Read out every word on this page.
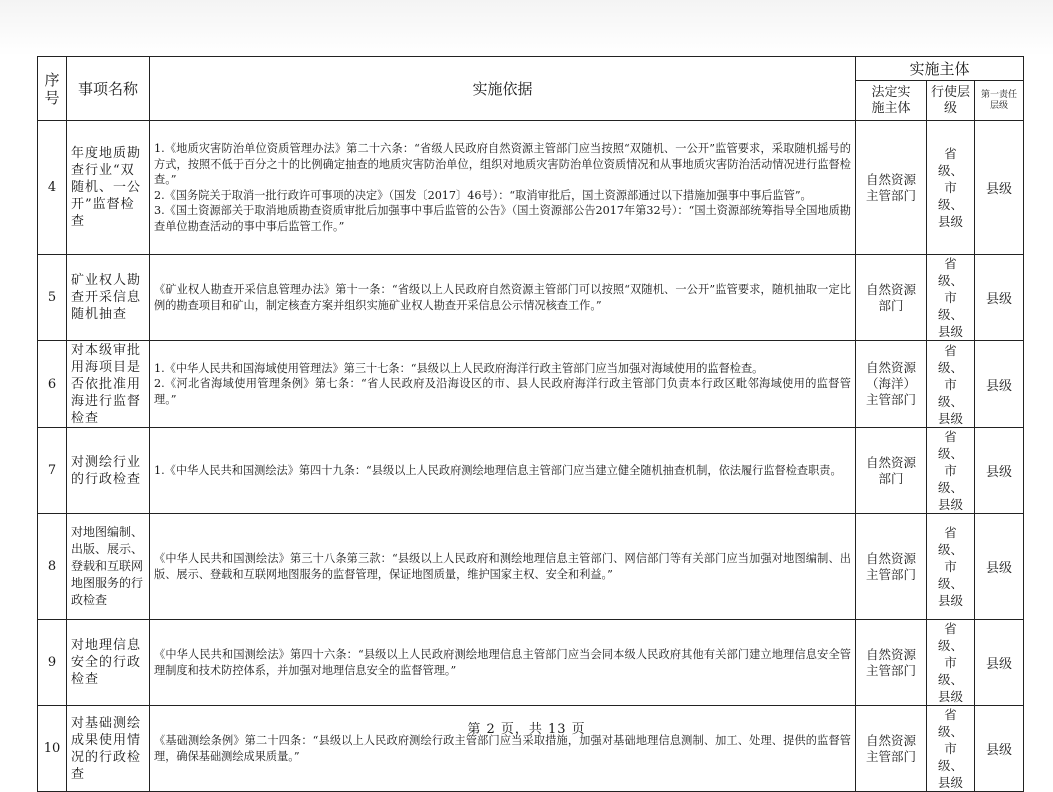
序号	事项名称	实施依据	实施主体		
			法定实施主体	行使层级	第一责任层级
4	年度地质勘查行业“双随机、一公开”监督检查	1.《地质灾害防治单位资质管理办法》第二十六条：“省级人民政府自然资源主管部门应当按照“双随机、一公开”监管要求，采取随机摇号的方式，按照不低于百分之十的比例确定抽查的地质灾害防治单位，组织对地质灾害防治单位资质情况和从事地质灾害防治活动情况进行监督检查。”
2.《国务院关于取消一批行政许可事项的决定》（国发〔2017〕46号）：“取消审批后，国土资源部通过以下措施加强事中事后监管”。
3.《国土资源部关于取消地质勘查资质审批后加强事中事后监管的公告》（国土资源部公告2017年第32号）：“国土资源部统筹指导全国地质勘查单位勘查活动的事中事后监管工作。”	自然资源主管部门	省级、市级、县级	县级
5	矿业权人勘查开采信息随机抽查	《矿业权人勘查开采信息管理办法》第十一条：“省级以上人民政府自然资源主管部门可以按照“双随机、一公开”监管要求，随机抽取一定比例的勘查项目和矿山，制定核查方案并组织实施矿业权人勘查开采信息公示情况核查工作。”	自然资源部门	省级、市级、县级	县级
6	对本级审批用海项目是否依批准用海进行监督检查	1.《中华人民共和国海域使用管理法》第三十七条：“县级以上人民政府海洋行政主管部门应当加强对海域使用的监督检查。
2.《河北省海域使用管理条例》第七条：“省人民政府及沿海设区的市、县人民政府海洋行政主管部门负责本行政区毗邻海域使用的监督管理。”	自然资源（海洋）主管部门	省级、市级、县级	县级
7	对测绘行业的行政检查	1.《中华人民共和国测绘法》第四十九条：“县级以上人民政府测绘地理信息主管部门应当建立健全随机抽查机制，依法履行监督检查职责。	自然资源部门	省级、市级、县级	县级
8	对地图编制、出版、展示、登载和互联网地图服务的行政检查	《中华人民共和国测绘法》第三十八条第三款：“县级以上人民政府和测绘地理信息主管部门、网信部门等有关部门应当加强对地图编制、出版、展示、登载和互联网地图服务的监督管理，保证地图质量，维护国家主权、安全和利益。”	自然资源主管部门	省级、市级、县级	县级
9	对地理信息安全的行政检查	《中华人民共和国测绘法》第四十六条：“县级以上人民政府测绘地理信息主管部门应当会同本级人民政府其他有关部门建立地理信息安全管理制度和技术防控体系，并加强对地理信息安全的监督管理。”	自然资源主管部门	省级、市级、县级	县级
10	对基础测绘成果使用情况的行政检查	《基础测绘条例》第二十四条：“县级以上人民政府测绘行政主管部门应当采取措施，加强对基础地理信息测制、加工、处理、提供的监督管理，确保基础测绘成果质量。”	自然资源主管部门	省级、市级、县级	县级
第 2 页，共 13 页
